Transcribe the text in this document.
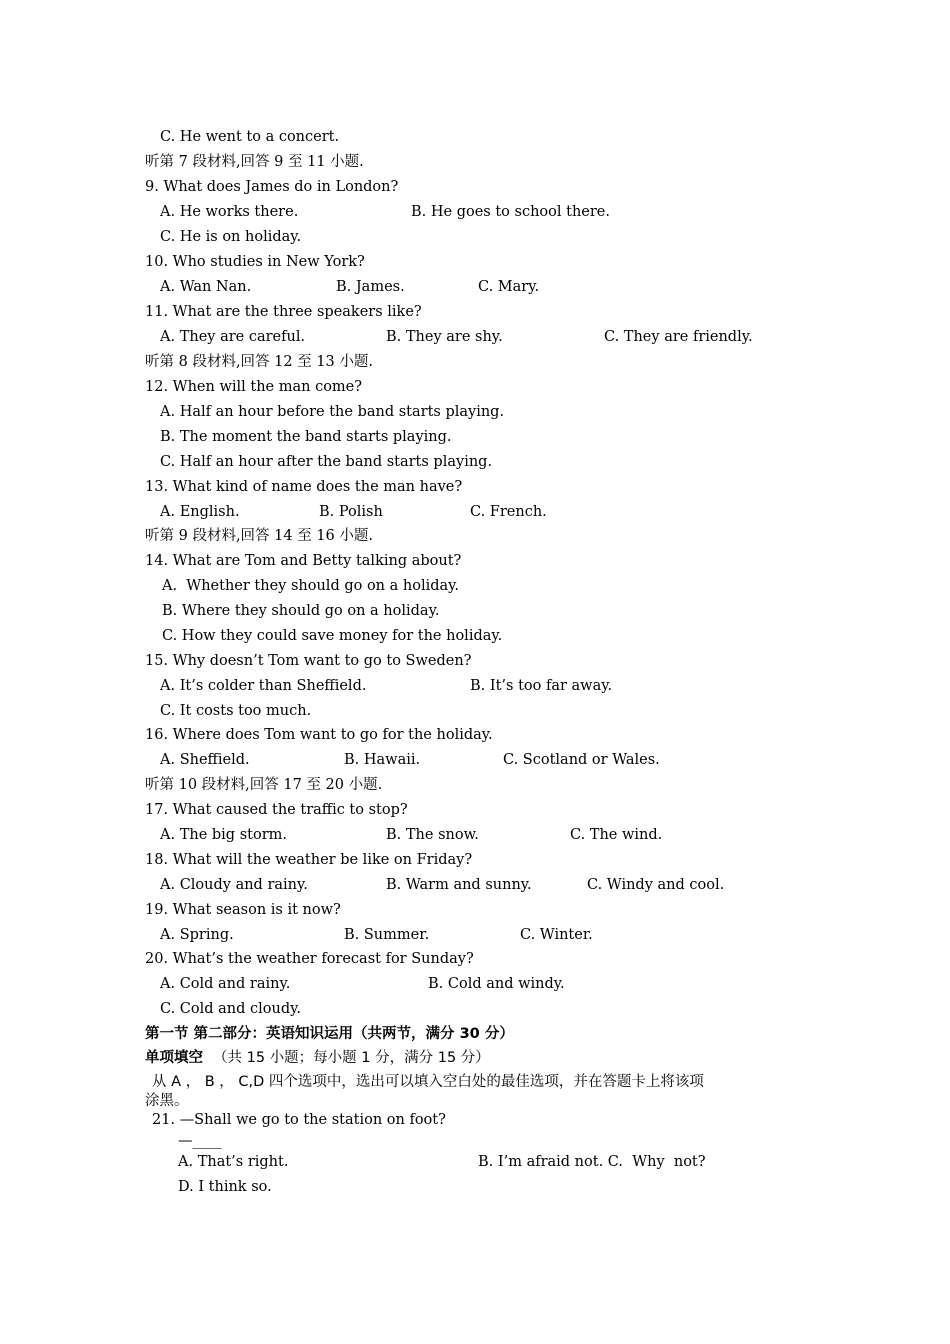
C. He went to a concert.
听第 7 段材料,回答 9 至 11 小题.
9. What does James do in London?
A. He works there.	B. He goes to school there.
C. He is on holiday.
10. Who studies in New York?
A. Wan Nan.	B. James.	C. Mary.
11. What are the three speakers like?
A. They are careful.	B. They are shy.	C. They are friendly.
听第 8 段材料,回答 12 至 13 小题.
12. When will the man come?
A. Half an hour before the band starts playing.
B. The moment the band starts playing.
C. Half an hour after the band starts playing.
13. What kind of name does the man have?
A. English.	B. Polish	C. French.
听第 9 段材料,回答 14 至 16 小题.
14. What are Tom and Betty talking about?
A.  Whether they should go on a holiday.
B. Where they should go on a holiday.
C. How they could save money for the holiday.
15. Why doesn’t Tom want to go to Sweden?
A. It’s colder than Sheffield.	B. It’s too far away.
C. It costs too much.
16. Where does Tom want to go for the holiday.
A. Sheffield.	B. Hawaii.	C. Scotland or Wales.
听第 10 段材料,回答 17 至 20 小题.
17. What caused the traffic to stop?
A. The big storm.	B. The snow.	C. The wind.
18. What will the weather be like on Friday?
A. Cloudy and rainy.	B. Warm and sunny.	C. Windy and cool.
19. What season is it now?
A. Spring.	B. Summer.	C. Winter.
20. What’s the weather forecast for Sunday?
A. Cold and rainy.	B. Cold and windy.
C. Cold and cloudy.
第一节 第二部分：英语知识运用（共两节，满分 30 分）
单项填空 （共 15 小题；每小题 1 分，满分 15 分）
从 A ， B ， C,D 四个选项中，选出可以填入空白处的最佳选项，并在答题卡上将该项
涂黑。
21. —Shall we go to the station on foot?
—____
A. That’s right.	B. I’m afraid not. C.  Why  not?
D. I think so.
